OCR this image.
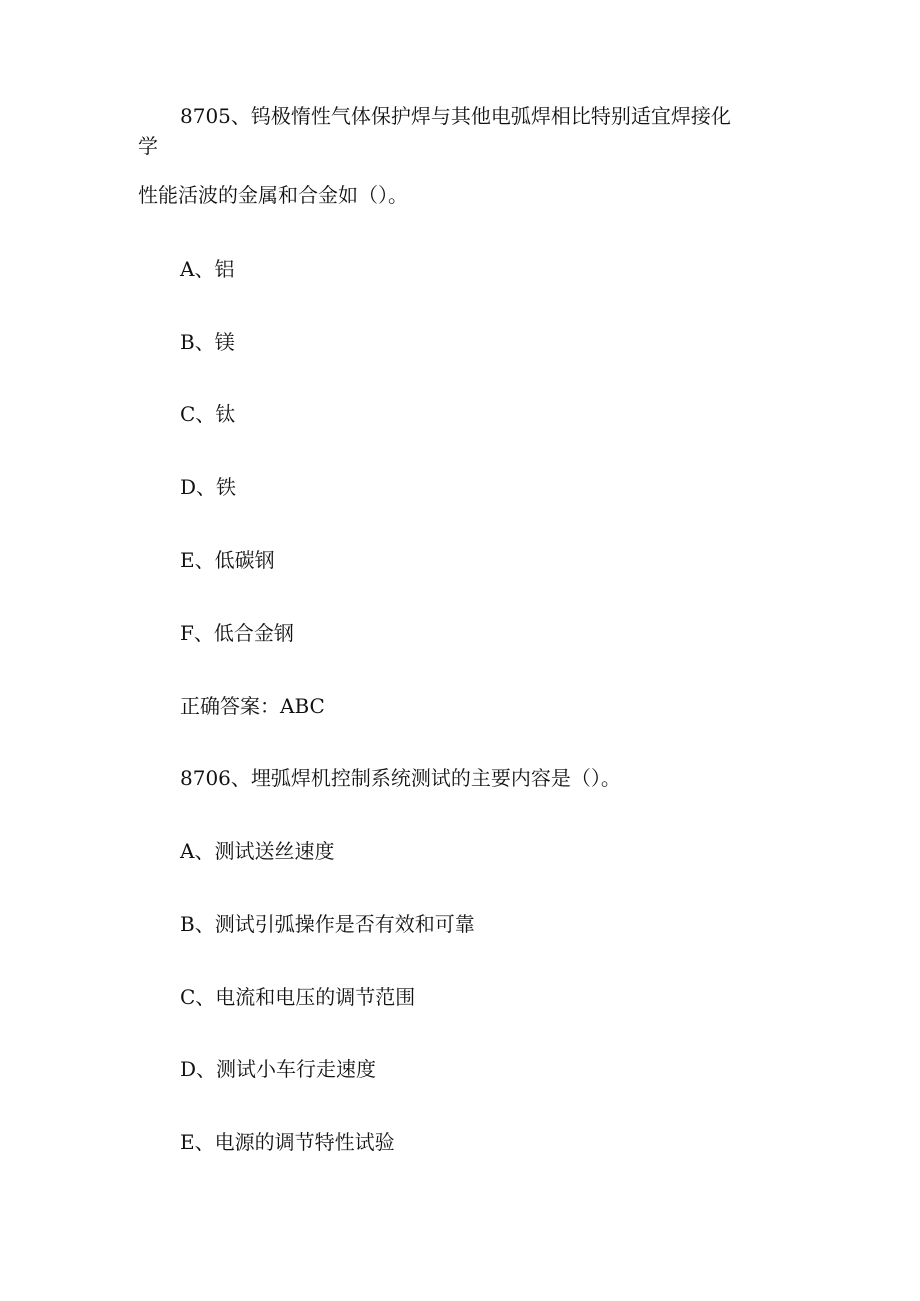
8705、钨极惰性气体保护焊与其他电弧焊相比特别适宜焊接化
学
性能活波的金属和合金如（）。
A、铝
B、镁
C、钛
D、铁
E、低碳钢
F、低合金钢
正确答案：ABC
8706、埋弧焊机控制系统测试的主要内容是（）。
A、测试送丝速度
B、测试引弧操作是否有效和可靠
C、电流和电压的调节范围
D、测试小车行走速度
E、电源的调节特性试验
